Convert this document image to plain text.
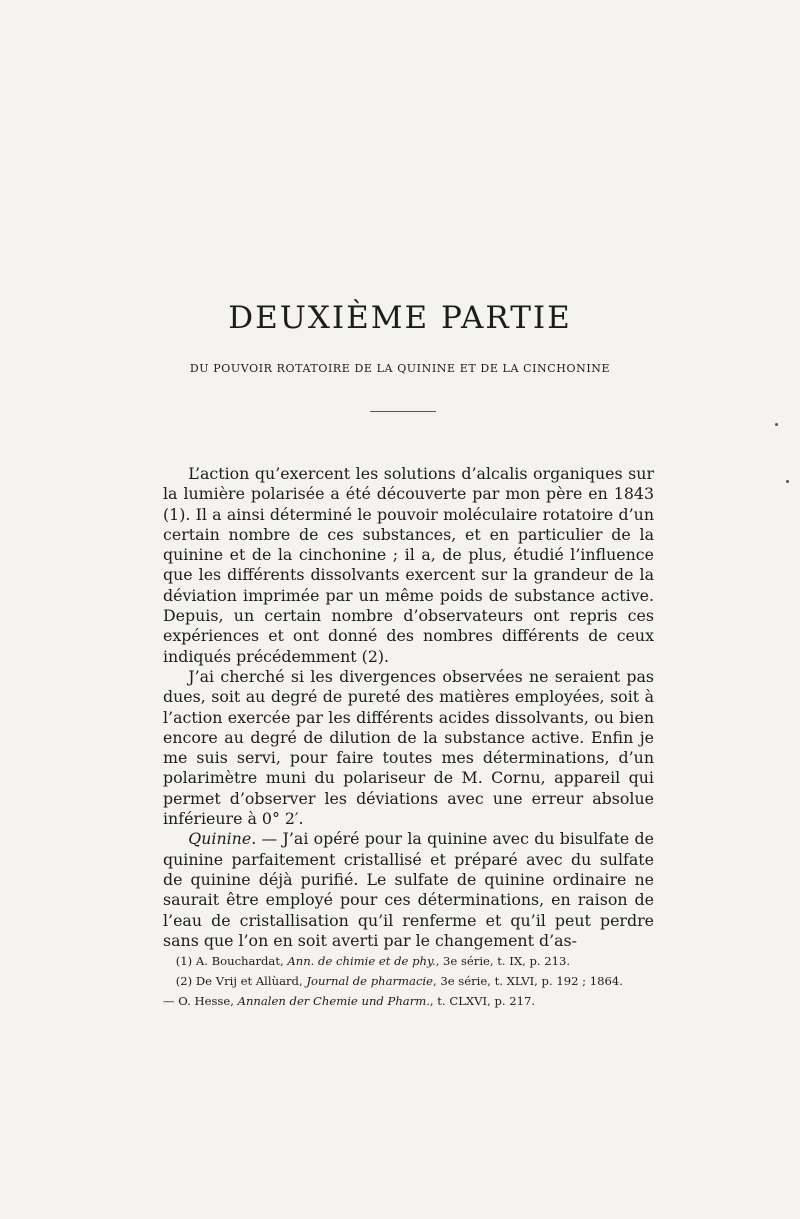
DEUXIÈME PARTIE
DU POUVOIR ROTATOIRE DE LA QUININE ET DE LA CINCHONINE

L’action qu’exercent les solutions d’alcalis organiques sur la lumière polarisée a été découverte par mon père en 1843 (1). Il a ainsi déterminé le pouvoir moléculaire rotatoire d’un certain nombre de ces substances, et en particulier de la quinine et de la cinchonine ; il a, de plus, étudié l’influence que les différents dissolvants exercent sur la grandeur de la déviation imprimée par un même poids de substance active. Depuis, un certain nombre d’observateurs ont repris ces expériences et ont donné des nombres différents de ceux indiqués précédemment (2).

J’ai cherché si les divergences observées ne seraient pas dues, soit au degré de pureté des matières employées, soit à l’action exercée par les différents acides dissolvants, ou bien encore au degré de dilution de la substance active. Enfin je me suis servi, pour faire toutes mes déterminations, d’un polarimètre muni du polariseur de M. Cornu, appareil qui permet d’observer les déviations avec une erreur absolue inférieure à 0° 2′.

Quinine. — J’ai opéré pour la quinine avec du bisulfate de quinine parfaitement cristallisé et préparé avec du sulfate de quinine déjà purifié. Le sulfate de quinine ordinaire ne saurait être employé pour ces déterminations, en raison de l’eau de cristallisation qu’il renferme et qu’il peut perdre sans que l’on en soit averti par le changement d’as-

(1) A. Bouchardat, Ann. de chimie et de phy., 3e série, t. IX, p. 213.

(2) De Vrij et Allùard, Journal de pharmacie, 3e série, t. XLVI, p. 192 ; 1864.

— O. Hesse, Annalen der Chemie und Pharm., t. CLXVI, p. 217.
